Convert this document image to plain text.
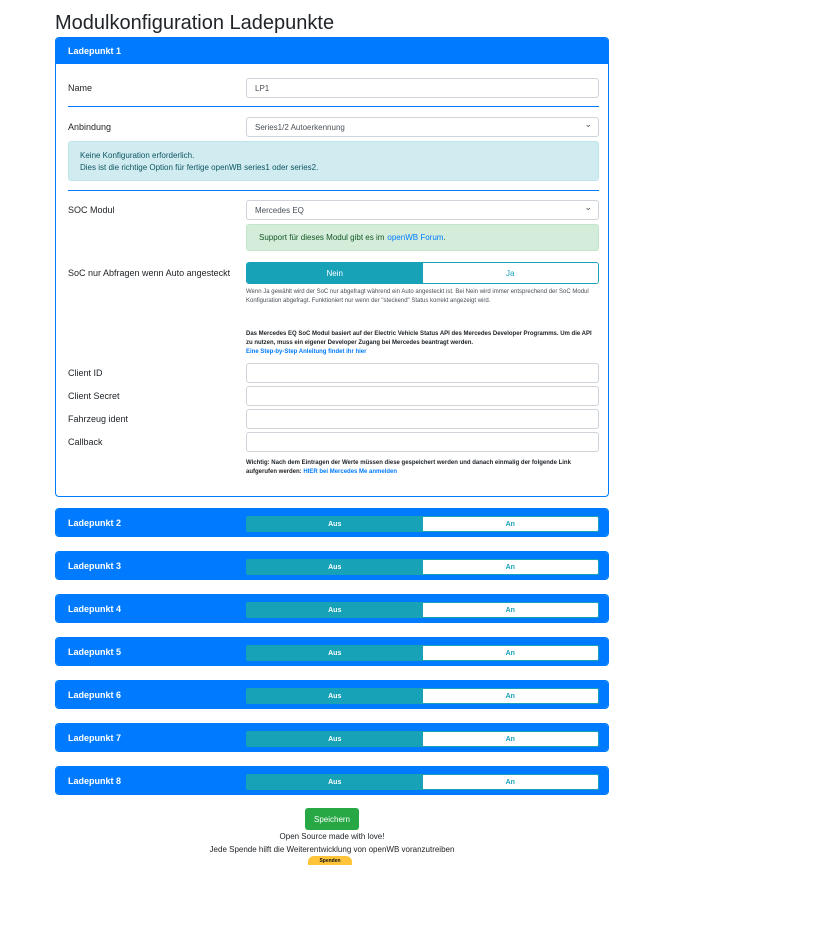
Modulkonfiguration Ladepunkte
Ladepunkt 1
Name	LP1
Anbindung	Series1/2 Autoerkennung
⌄
Keine Konfiguration erforderlich.
Dies ist die richtige Option für fertige openWB series1 oder series2.
SOC Modul	Mercedes EQ
⌄
Support für dieses Modul gibt es im openWB Forum .
SoC nur Abfragen wenn Auto angesteckt	Nein	Ja
Wenn Ja gewählt wird der SoC nur abgefragt während ein Auto angesteckt ist. Bei Nein wird immer entsprechend der SoC Modul Konfiguration abgefragt. Funktioniert nur wenn der "steckend" Status korrekt angezeigt wird.
Das Mercedes EQ SoC Modul basiert auf der Electric Vehicle Status API des Mercedes Developer Programms. Um die API zu nutzen, muss ein eigener Developer Zugang bei Mercedes beantragt werden.
Eine Step-by-Step Anleitung findet ihr hier
Client ID
Client Secret
Fahrzeug ident
Callback
Wichtig: Nach dem Eintragen der Werte müssen diese gespeichert werden und danach einmalig der folgende Link aufgerufen werden: HIER bei Mercedes Me anmelden
Ladepunkt 2	Aus	An
Ladepunkt 3	Aus	An
Ladepunkt 4	Aus	An
Ladepunkt 5	Aus	An
Ladepunkt 6	Aus	An
Ladepunkt 7	Aus	An
Ladepunkt 8	Aus	An
Speichern
Open Source made with love!
Jede Spende hilft die Weiterentwicklung von openWB voranzutreiben
Spenden
